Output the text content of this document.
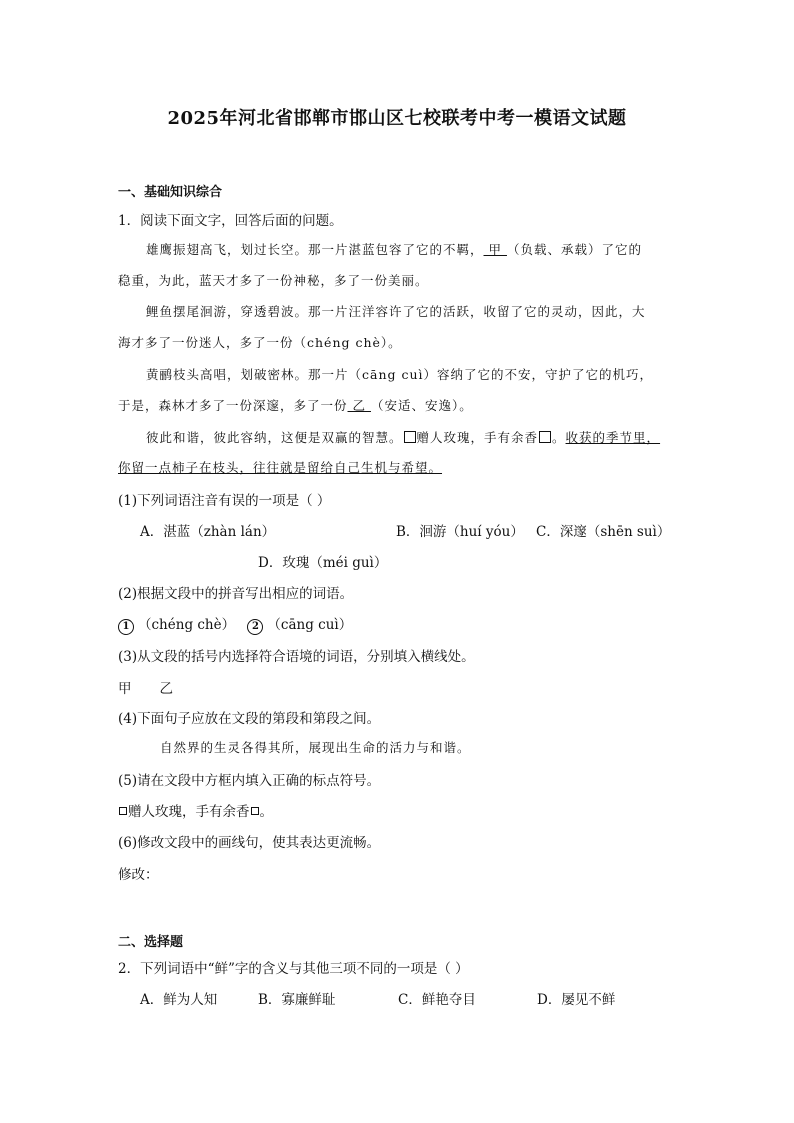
2025年河北省邯郸市邯山区七校联考中考一模语文试题
一、基础知识综合
1．阅读下面文字，回答后面的问题。
雄鹰振翅高飞，划过长空。那一片湛蓝包容了它的不羁， 甲 （负载、承载）了它的
稳重，为此，蓝天才多了一份神秘，多了一份美丽。
鲤鱼摆尾洄游，穿透碧波。那一片汪洋容许了它的活跃，收留了它的灵动，因此，大
海才多了一份迷人，多了一份（chéng chè）。
黄鹂枝头高唱，划破密林。那一片（cāng cuì）容纳了它的不安，守护了它的机巧，
于是，森林才多了一份深邃，多了一份 乙 （安适、安逸）。
彼此和谐，彼此容纳，这便是双赢的智慧。 赠人玫瑰，手有余香 。收获的季节里，
你留一点柿子在枝头，往往就是留给自己生机与希望。
(1)下列词语注音有误的一项是（ ）
A．湛蓝（zhàn lán）	B．洄游（huí yóu） C．深邃（shēn suì）
D．玫瑰（méi guì）
(2)根据文段中的拼音写出相应的词语。
1 （chéng chè） 2 （cāng cuì）
(3)从文段的括号内选择符合语境的词语，分别填入横线处。
甲 乙
(4)下面句子应放在文段的第段和第段之间。
自然界的生灵各得其所，展现出生命的活力与和谐。
(5)请在文段中方框内填入正确的标点符号。
赠人玫瑰，手有余香 。
(6)修改文段中的画线句，使其表达更流畅。
修改：
二、选择题
2．下列词语中“鲜”字的含义与其他三项不同的一项是（ ）
A．鲜为人知	B．寡廉鲜耻	C．鲜艳夺目	D．屡见不鲜
